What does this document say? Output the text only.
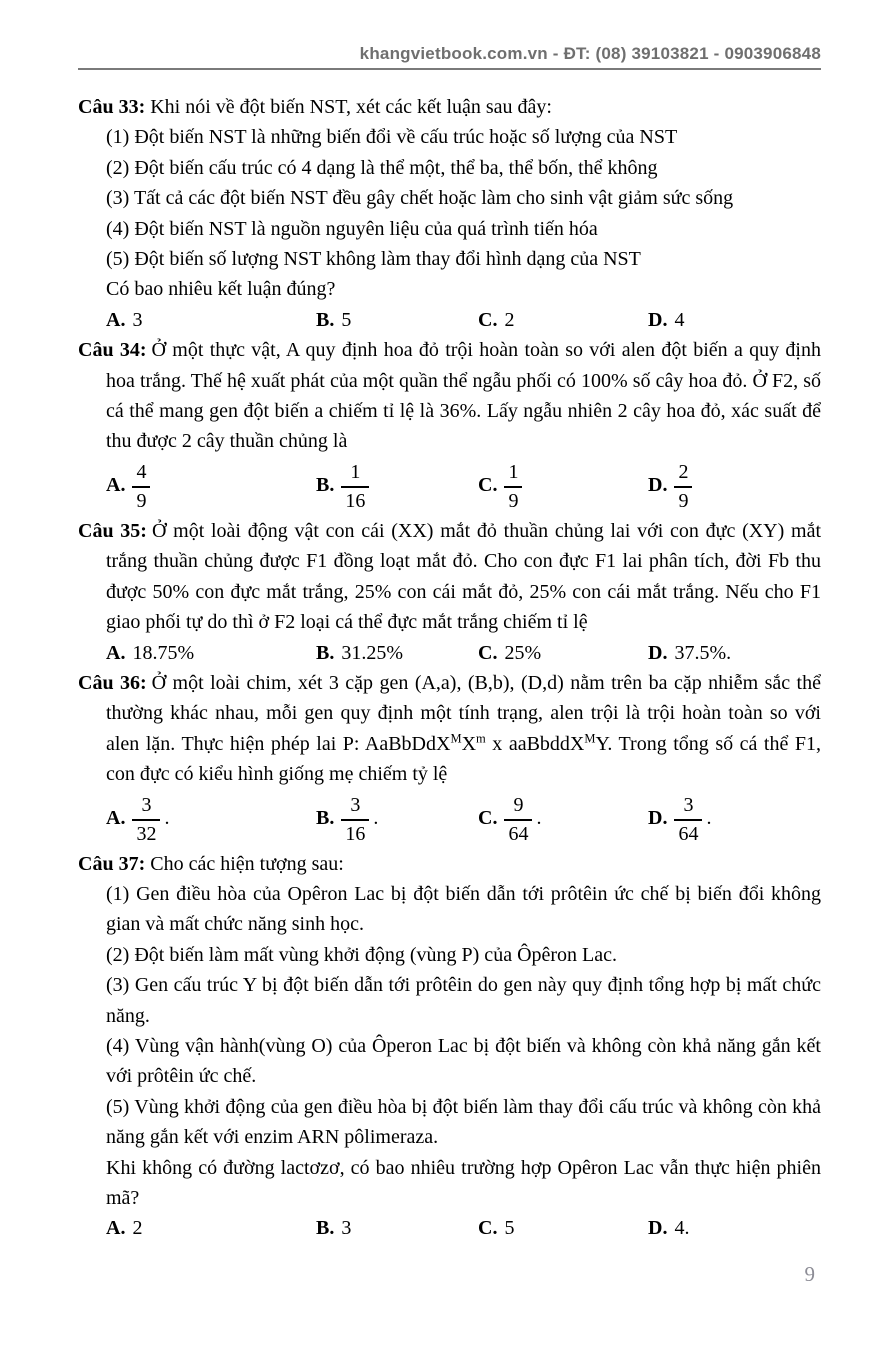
khangvietbook.com.vn - ĐT: (08) 39103821 - 0903906848

Câu 33: Khi nói về đột biến NST, xét các kết luận sau đây:

(1) Đột biến NST là những biến đổi về cấu trúc hoặc số lượng của NST

(2) Đột biến cấu trúc có 4 dạng là thể một, thể ba, thể bốn, thể không

(3) Tất cả các đột biến NST đều gây chết hoặc làm cho sinh vật giảm sức sống

(4) Đột biến NST là nguồn nguyên liệu của quá trình tiến hóa

(5) Đột biến số lượng NST không làm thay đổi hình dạng của NST

Có bao nhiêu kết luận đúng?

A. 3	B. 5	C. 2	D. 4

Câu 34: Ở một thực vật, A quy định hoa đỏ trội hoàn toàn so với alen đột biến a quy định hoa trắng. Thế hệ xuất phát của một quần thể ngẫu phối có 100% số cây hoa đỏ. Ở F2, số cá thể mang gen đột biến a chiếm tỉ lệ là 36%. Lấy ngẫu nhiên 2 cây hoa đỏ, xác suất để thu được 2 cây thuần chủng là

A. $\frac{4}{9}$	B. $\frac{1}{16}$	C. $\frac{1}{9}$	D. $\frac{2}{9}$

Câu 35: Ở một loài động vật con cái (XX) mắt đỏ thuần chủng lai với con đực (XY) mắt trắng thuần chủng được F1 đồng loạt mắt đỏ. Cho con đực F1 lai phân tích, đời Fb thu được 50% con đực mắt trắng, 25% con cái mắt đỏ, 25% con cái mắt trắng. Nếu cho F1 giao phối tự do thì ở F2 loại cá thể đực mắt trắng chiếm tỉ lệ

A. 18.75%	B. 31.25%	C. 25%	D. 37.5%.

Câu 36: Ở một loài chim, xét 3 cặp gen (A,a), (B,b), (D,d) nằm trên ba cặp nhiễm sắc thể thường khác nhau, mỗi gen quy định một tính trạng, alen trội là trội hoàn toàn so với alen lặn. Thực hiện phép lai P: $AaBbDdX^MX^m$ x aaBbddX$^M$Y. Trong tổng số cá thể F1, con đực có kiểu hình giống mẹ chiếm tỷ lệ

A. $\frac{3}{32}$ .	B. $\frac{3}{16}$ .	C. $\frac{9}{64}$ .	D. $\frac{3}{64}$ .

Câu 37: Cho các hiện tượng sau:

(1) Gen điều hòa của Opêron Lac bị đột biến dẫn tới prôtêin ức chế bị biến đổi không gian và mất chức năng sinh học.

(2) Đột biến làm mất vùng khởi động (vùng P) của Ôpêron Lac.

(3) Gen cấu trúc Y bị đột biến dẫn tới prôtêin do gen này quy định tổng hợp bị mất chức năng.

(4) Vùng vận hành(vùng O) của Ôperon Lac bị đột biến và không còn khả năng gắn kết với prôtêin ức chế.

(5) Vùng khởi động của gen điều hòa bị đột biến làm thay đổi cấu trúc và không còn khả năng gắn kết với enzim ARN pôlimeraza.

Khi không có đường lactơzơ, có bao nhiêu trường hợp Opêron Lac vẫn thực hiện phiên mã?

A. 2	B. 3	C. 5	D. 4.
9
